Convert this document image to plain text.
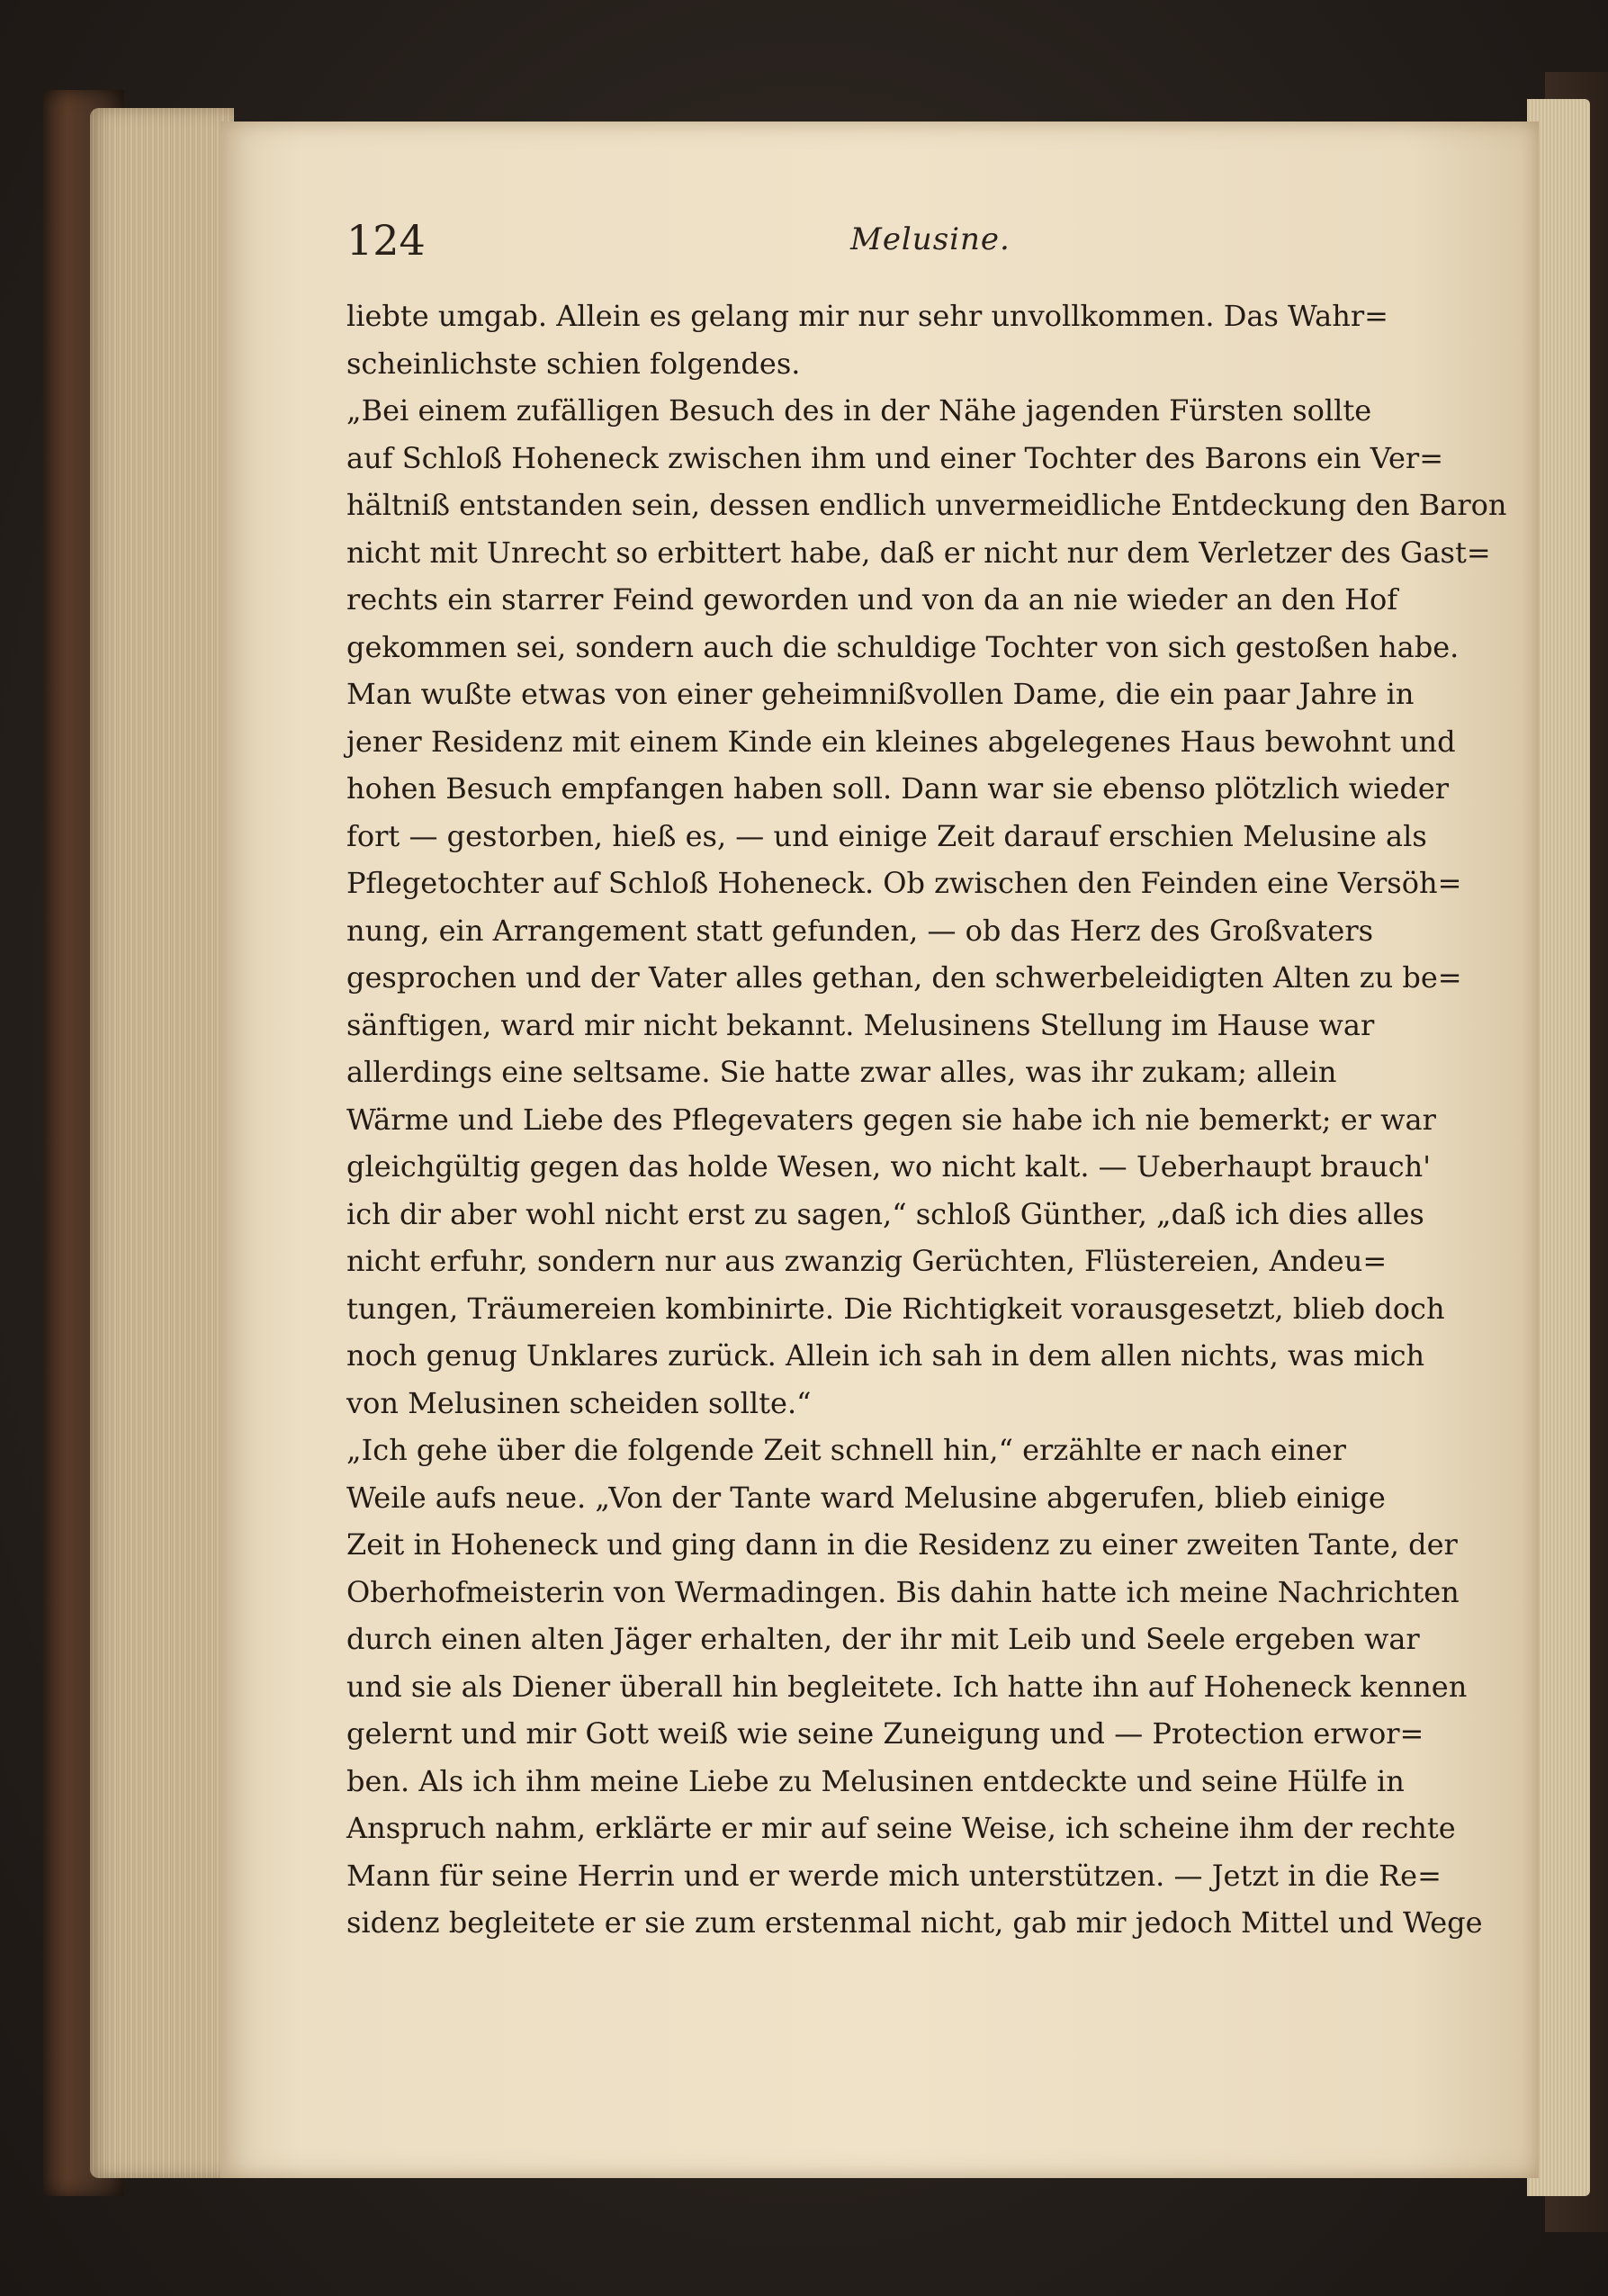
124	Melusine.
liebte umgab. Allein es gelang mir nur sehr unvollkommen. Das Wahr=
scheinlichste schien folgendes.
„Bei einem zufälligen Besuch des in der Nähe jagenden Fürsten sollte
auf Schloß Hoheneck zwischen ihm und einer Tochter des Barons ein Ver=
hältniß entstanden sein, dessen endlich unvermeidliche Entdeckung den Baron
nicht mit Unrecht so erbittert habe, daß er nicht nur dem Verletzer des Gast=
rechts ein starrer Feind geworden und von da an nie wieder an den Hof
gekommen sei, sondern auch die schuldige Tochter von sich gestoßen habe.
Man wußte etwas von einer geheimnißvollen Dame, die ein paar Jahre in
jener Residenz mit einem Kinde ein kleines abgelegenes Haus bewohnt und
hohen Besuch empfangen haben soll. Dann war sie ebenso plötzlich wieder
fort — gestorben, hieß es, — und einige Zeit darauf erschien Melusine als
Pflegetochter auf Schloß Hoheneck. Ob zwischen den Feinden eine Versöh=
nung, ein Arrangement statt gefunden, — ob das Herz des Großvaters
gesprochen und der Vater alles gethan, den schwerbeleidigten Alten zu be=
sänftigen, ward mir nicht bekannt. Melusinens Stellung im Hause war
allerdings eine seltsame. Sie hatte zwar alles, was ihr zukam; allein
Wärme und Liebe des Pflegevaters gegen sie habe ich nie bemerkt; er war
gleichgültig gegen das holde Wesen, wo nicht kalt. — Ueberhaupt brauch'
ich dir aber wohl nicht erst zu sagen,“ schloß Günther, „daß ich dies alles
nicht erfuhr, sondern nur aus zwanzig Gerüchten, Flüstereien, Andeu=
tungen, Träumereien kombinirte. Die Richtigkeit vorausgesetzt, blieb doch
noch genug Unklares zurück. Allein ich sah in dem allen nichts, was mich
von Melusinen scheiden sollte.“
„Ich gehe über die folgende Zeit schnell hin,“ erzählte er nach einer
Weile aufs neue. „Von der Tante ward Melusine abgerufen, blieb einige
Zeit in Hoheneck und ging dann in die Residenz zu einer zweiten Tante, der
Oberhofmeisterin von Wermadingen. Bis dahin hatte ich meine Nachrichten
durch einen alten Jäger erhalten, der ihr mit Leib und Seele ergeben war
und sie als Diener überall hin begleitete. Ich hatte ihn auf Hoheneck kennen
gelernt und mir Gott weiß wie seine Zuneigung und — Protection erwor=
ben. Als ich ihm meine Liebe zu Melusinen entdeckte und seine Hülfe in
Anspruch nahm, erklärte er mir auf seine Weise, ich scheine ihm der rechte
Mann für seine Herrin und er werde mich unterstützen. — Jetzt in die Re=
sidenz begleitete er sie zum erstenmal nicht, gab mir jedoch Mittel und Wege
